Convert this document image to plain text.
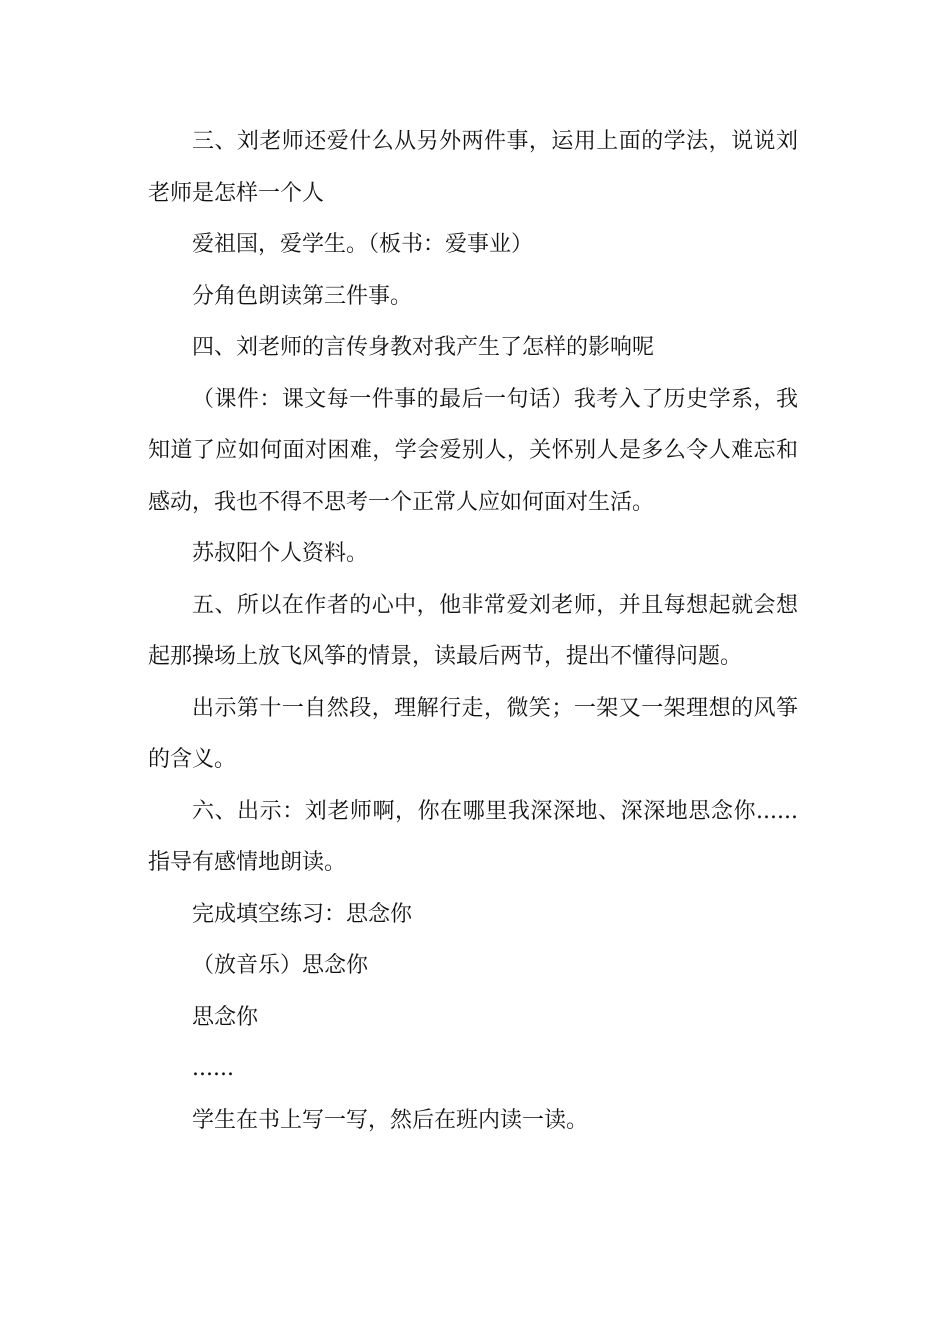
三、刘老师还爱什么从另外两件事，运用上面的学法，说说刘老师是怎样一个人

爱祖国，爱学生。（板书：爱事业）

分角色朗读第三件事。

四、刘老师的言传身教对我产生了怎样的影响呢

（课件：课文每一件事的最后一句话）我考入了历史学系，我知道了应如何面对困难，学会爱别人，关怀别人是多么令人难忘和感动，我也不得不思考一个正常人应如何面对生活。

苏叔阳个人资料。

五、所以在作者的心中，他非常爱刘老师，并且每想起就会想起那操场上放飞风筝的情景，读最后两节，提出不懂得问题。

出示第十一自然段，理解行走，微笑；一架又一架理想的风筝的含义。

六、出示：刘老师啊，你在哪里我深深地、深深地思念你......指导有感情地朗读。

完成填空练习：思念你

（放音乐）思念你

思念你

......

学生在书上写一写，然后在班内读一读。
